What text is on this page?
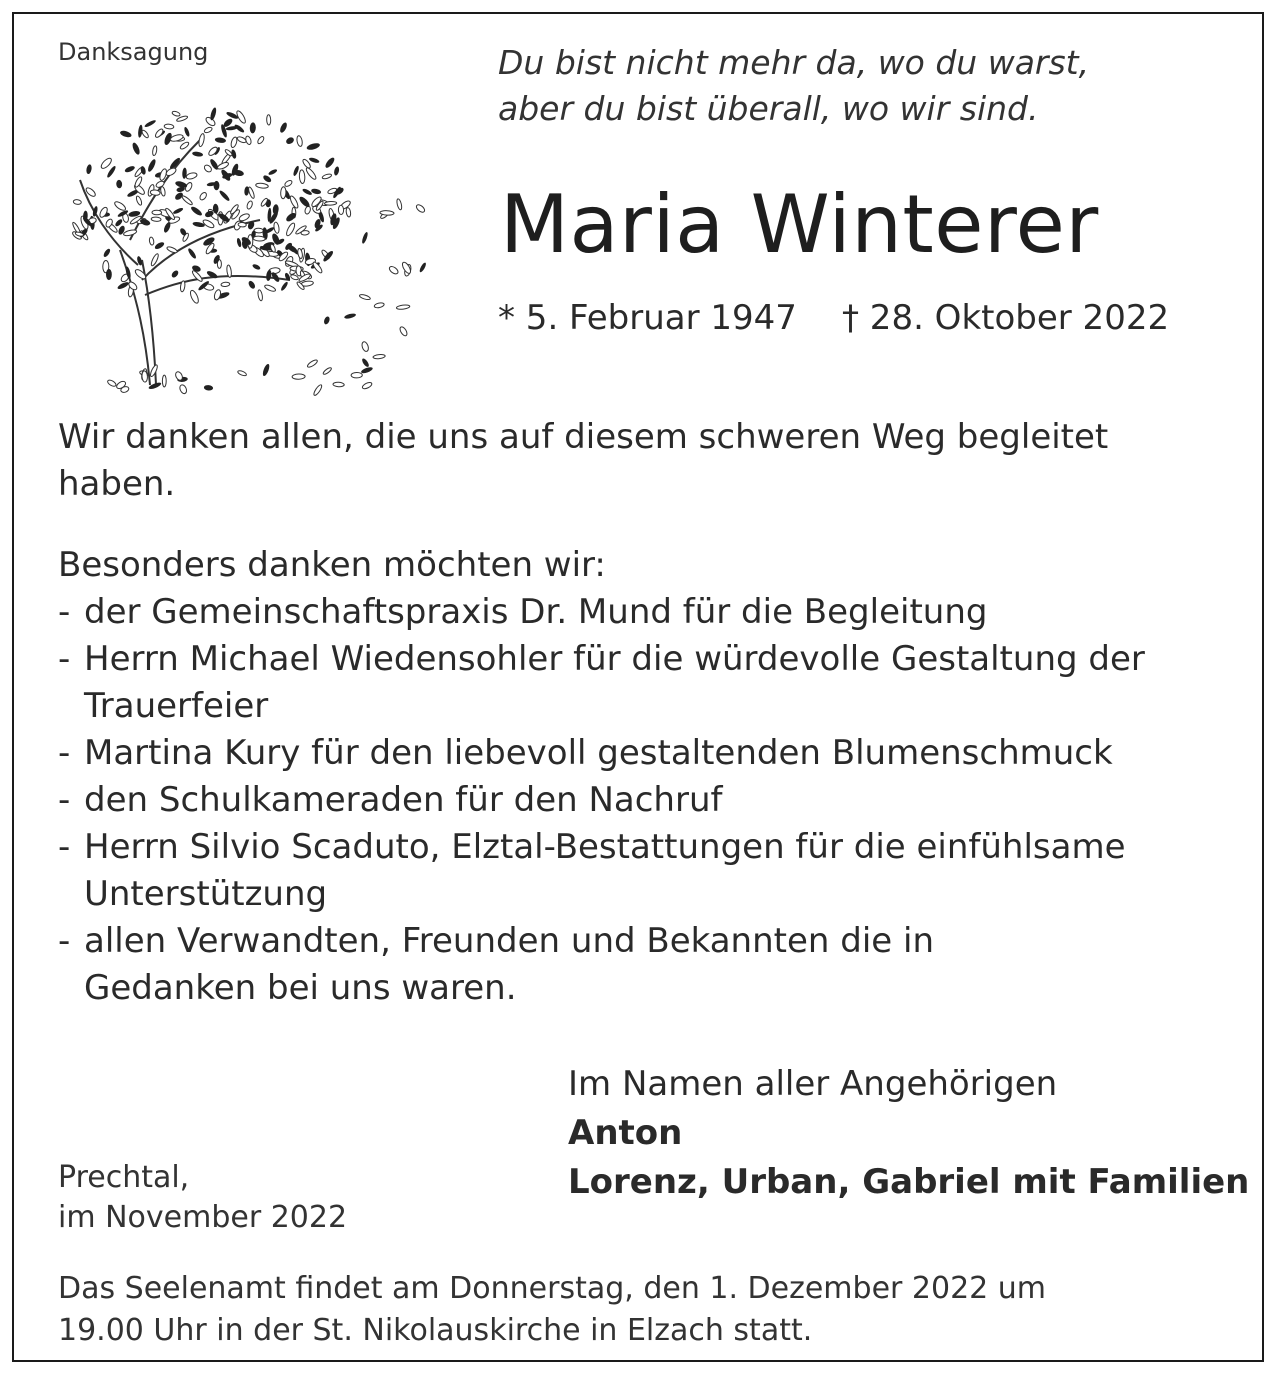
Danksagung	Du bist nicht mehr da, wo du warst,
aber du bist überall, wo wir sind.
Maria Winterer
* 5. Februar 1947 † 28. Oktober 2022
Wir danken allen, die uns auf diesem schweren Weg begleitet
haben.
Besonders danken möchten wir:
- der Gemeinschaftspraxis Dr. Mund für die Begleitung
- Herrn Michael Wiedensohler für die würdevolle Gestaltung der Trauerfeier
- Martina Kury für den liebevoll gestaltenden Blumenschmuck
- den Schulkameraden für den Nachruf
- Herrn Silvio Scaduto, Elztal-Bestattungen für die einfühlsame Unterstützung
- allen Verwandten, Freunden und Bekannten die in Gedanken bei uns waren.
Im Namen aller Angehörigen
Anton
Lorenz, Urban, Gabriel mit Familien
Prechtal,
im November 2022
Das Seelenamt findet am Donnerstag, den 1. Dezember 2022 um
19.00 Uhr in der St. Nikolauskirche in Elzach statt.
